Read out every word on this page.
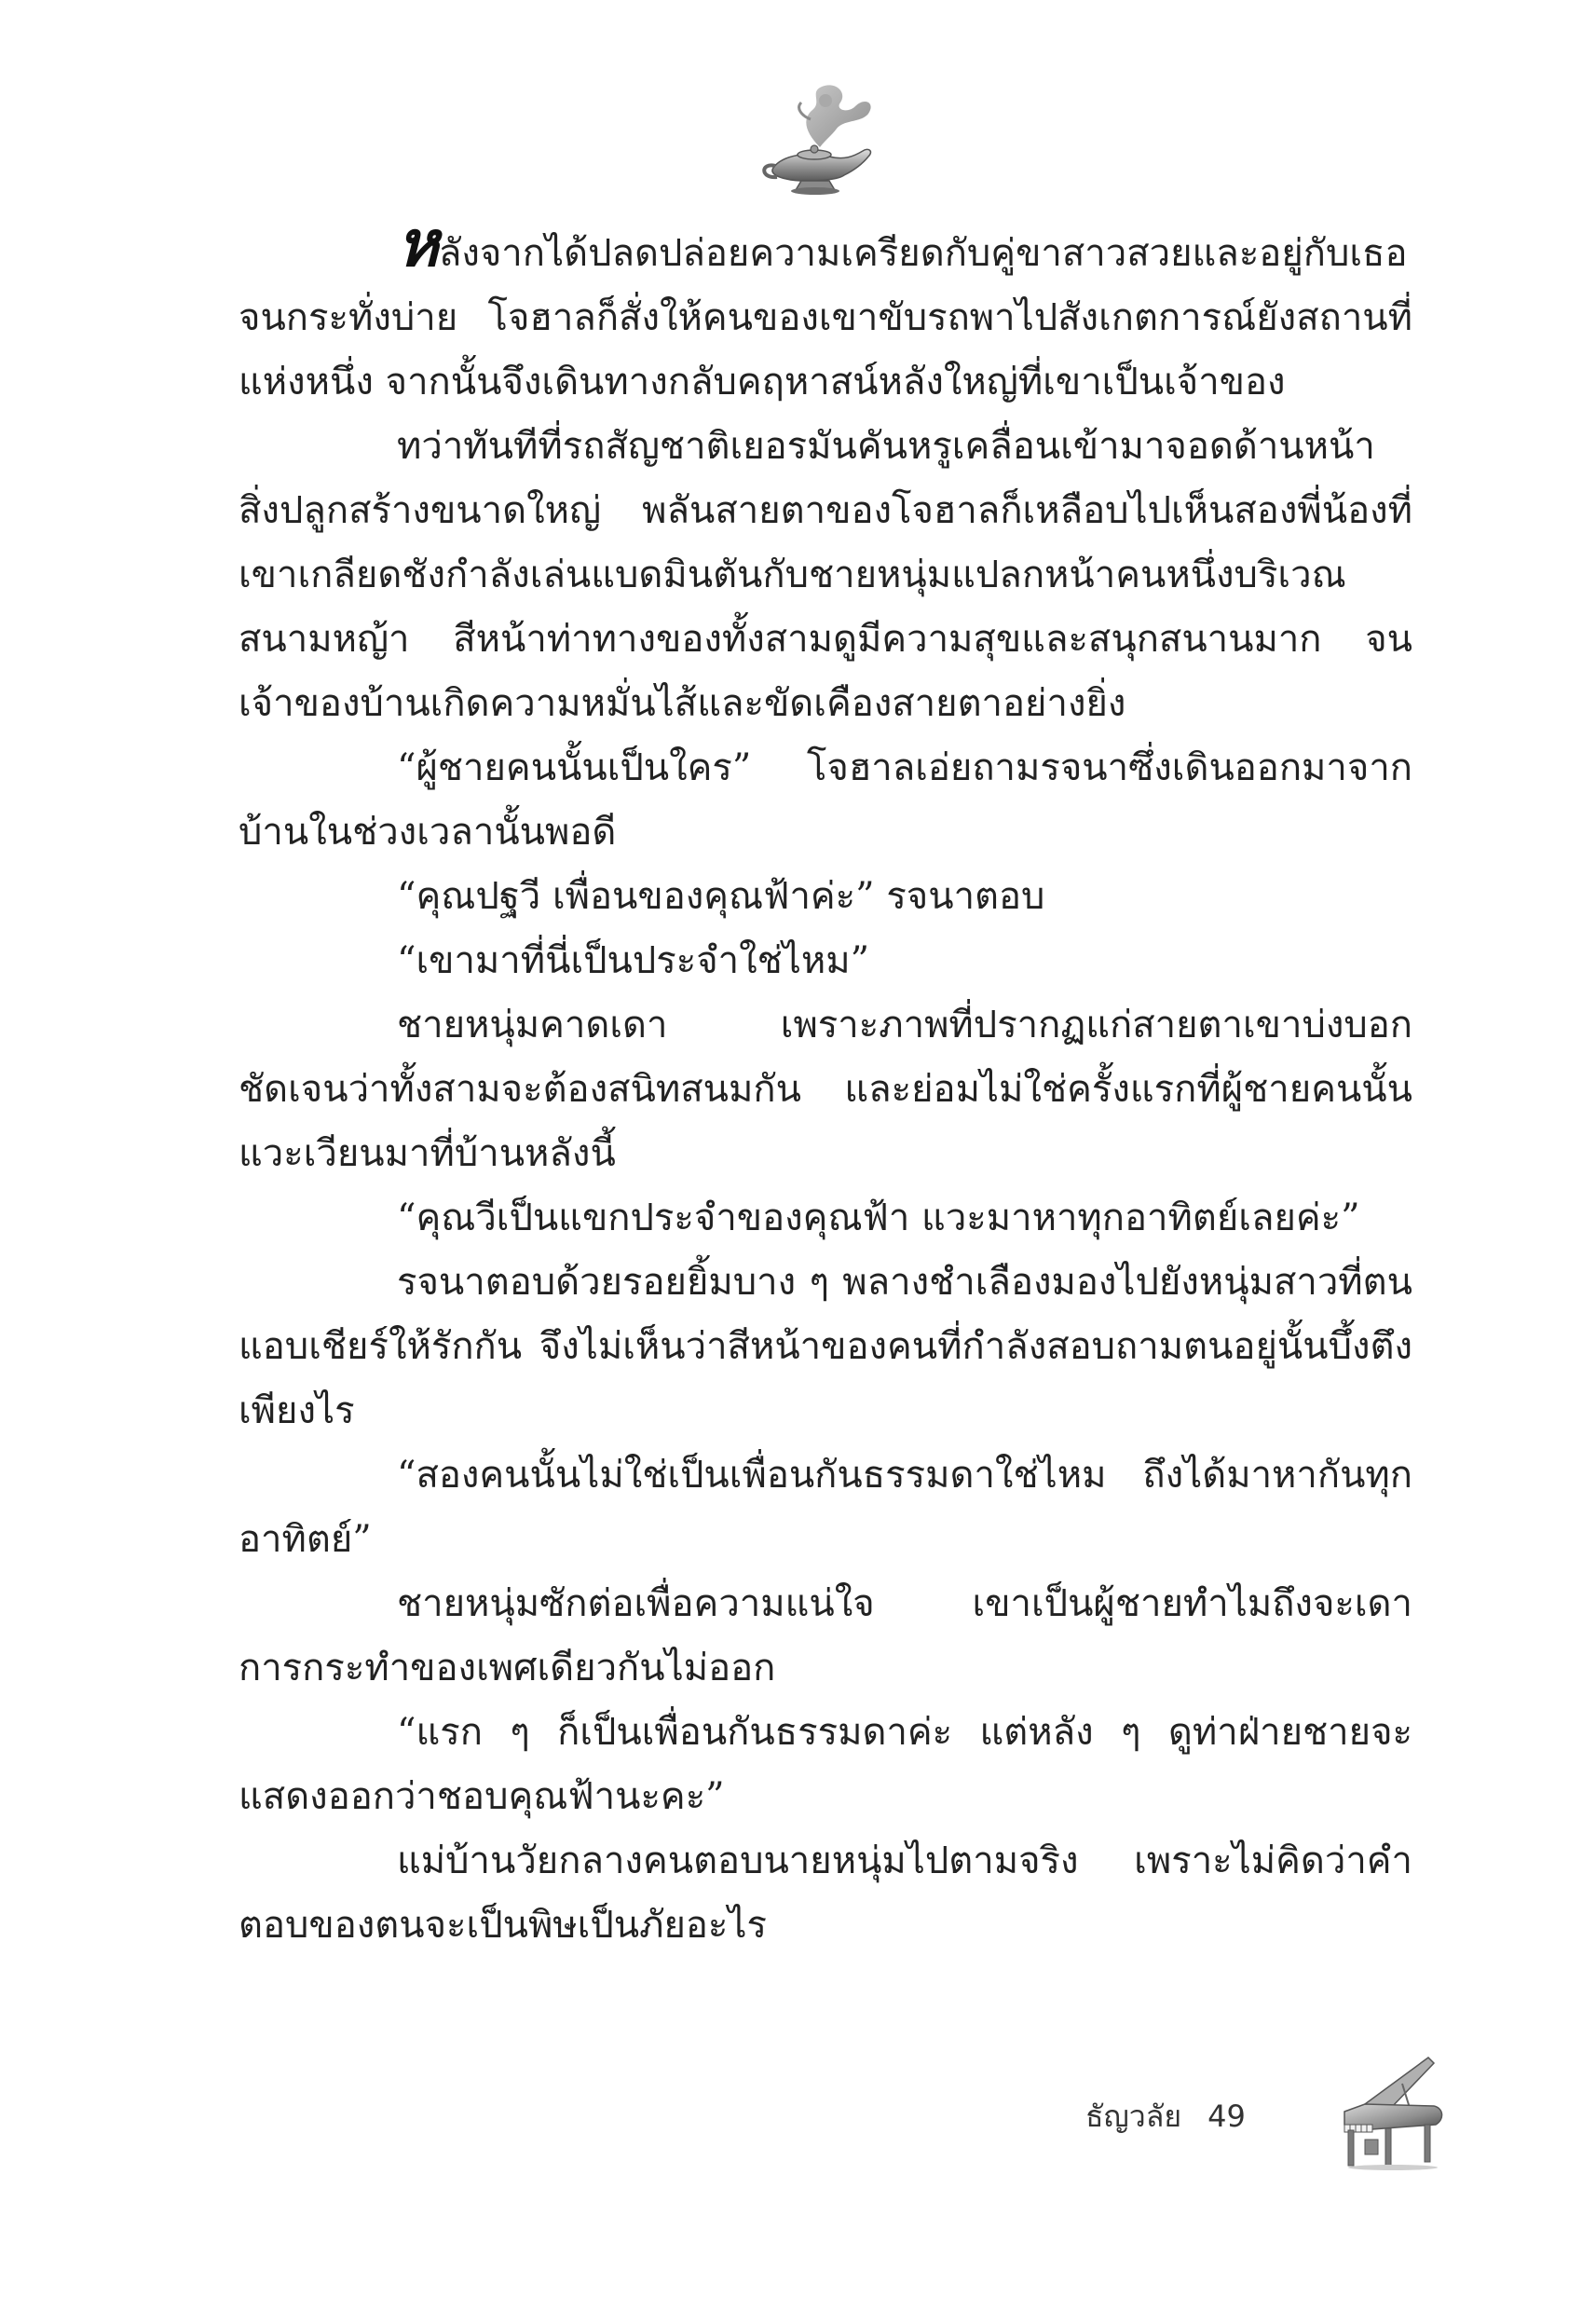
หลังจากได้ปลดปล่อยความเครียดกับคู่ขาสาวสวยและอยู่กับเธอจนกระทั่งบ่าย โจฮาลก็สั่งให้คนของเขาขับรถพาไปสังเกตการณ์ยังสถานที่แห่งหนึ่ง จากนั้นจึงเดินทางกลับคฤหาสน์หลังใหญ่ที่เขาเป็นเจ้าของ

ทว่าทันทีที่รถสัญชาติเยอรมันคันหรูเคลื่อนเข้ามาจอดด้านหน้าสิ่งปลูกสร้างขนาดใหญ่ พลันสายตาของโจฮาลก็เหลือบไปเห็นสองพี่น้องที่เขาเกลียดชังกำลังเล่นแบดมินตันกับชายหนุ่มแปลกหน้าคนหนึ่งบริเวณสนามหญ้า สีหน้าท่าทางของทั้งสามดูมีความสุขและสนุกสนานมาก จนเจ้าของบ้านเกิดความหมั่นไส้และขัดเคืองสายตาอย่างยิ่ง

“ผู้ชายคนนั้นเป็นใคร” โจฮาลเอ่ยถามรจนาซึ่งเดินออกมาจากบ้านในช่วงเวลานั้นพอดี

“คุณปฐวี เพื่อนของคุณฟ้าค่ะ” รจนาตอบ

“เขามาที่นี่เป็นประจำใช่ไหม”

ชายหนุ่มคาดเดา เพราะภาพที่ปรากฏแก่สายตาเขาบ่งบอกชัดเจนว่าทั้งสามจะต้องสนิทสนมกัน และย่อมไม่ใช่ครั้งแรกที่ผู้ชายคนนั้นแวะเวียนมาที่บ้านหลังนี้

“คุณวีเป็นแขกประจำของคุณฟ้า แวะมาหาทุกอาทิตย์เลยค่ะ”

รจนาตอบด้วยรอยยิ้มบาง ๆ พลางชำเลืองมองไปยังหนุ่มสาวที่ตนแอบเชียร์ให้รักกัน จึงไม่เห็นว่าสีหน้าของคนที่กำลังสอบถามตนอยู่นั้นบึ้งตึงเพียงไร

“สองคนนั้นไม่ใช่เป็นเพื่อนกันธรรมดาใช่ไหม ถึงได้มาหากันทุกอาทิตย์”

ชายหนุ่มซักต่อเพื่อความแน่ใจ เขาเป็นผู้ชายทำไมถึงจะเดาการกระทำของเพศเดียวกันไม่ออก

“แรก ๆ ก็เป็นเพื่อนกันธรรมดาค่ะ แต่หลัง ๆ ดูท่าฝ่ายชายจะแสดงออกว่าชอบคุณฟ้านะคะ”

แม่บ้านวัยกลางคนตอบนายหนุ่มไปตามจริง เพราะไม่คิดว่าคำตอบของตนจะเป็นพิษเป็นภัยอะไร

ธัญวลัย 49
